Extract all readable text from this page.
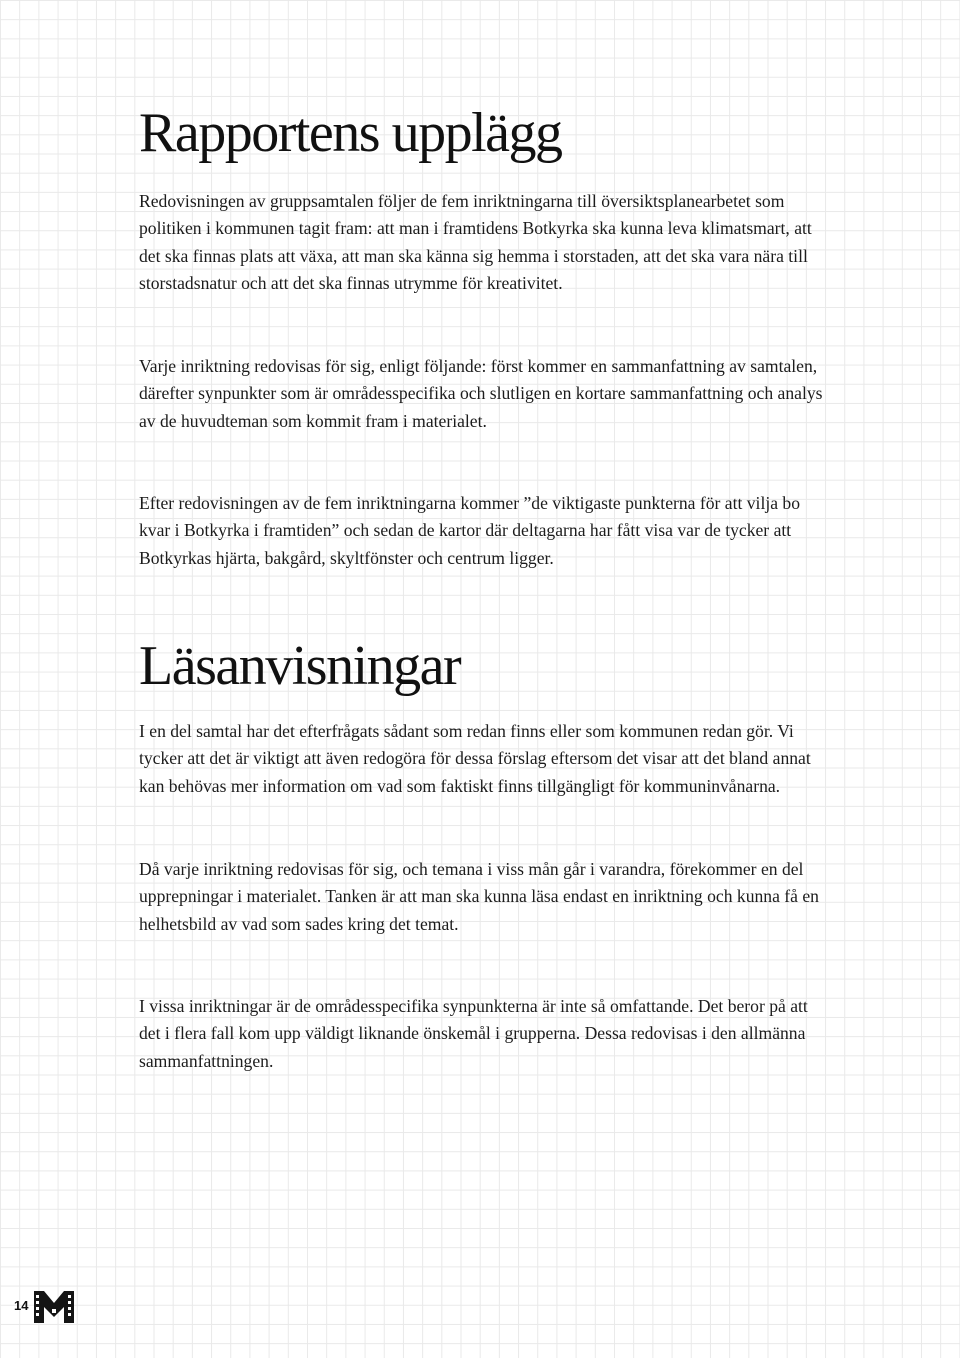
Rapportens upplägg

Redovisningen av gruppsamtalen följer de fem inriktningarna till översiktsplanearbetet som politiken i kommunen tagit fram: att man i framtidens Botkyrka ska kunna leva klimatsmart, att det ska finnas plats att växa, att man ska känna sig hemma i storstaden, att det ska vara nära till storstadsnatur och att det ska finnas utrymme för kreativitet.

Varje inriktning redovisas för sig, enligt följande: först kommer en sammanfattning av samtalen, därefter synpunkter som är områdesspecifika och slutligen en kortare sammanfattning och analys av de huvudteman som kommit fram i materialet.

Efter redovisningen av de fem inriktningarna kommer ”de viktigaste punkterna för att vilja bo kvar i Botkyrka i framtiden” och sedan de kartor där deltagarna har fått visa var de tycker att Botkyrkas hjärta, bakgård, skyltfönster och centrum ligger.

Läsanvisningar

I en del samtal har det efterfrågats sådant som redan finns eller som kommunen redan gör. Vi tycker att det är viktigt att även redogöra för dessa förslag eftersom det visar att det bland annat kan behövas mer information om vad som faktiskt finns tillgängligt för kommuninvånarna.

Då varje inriktning redovisas för sig, och temana i viss mån går i varandra, förekommer en del upprepningar i materialet. Tanken är att man ska kunna läsa endast en inriktning och kunna få en helhetsbild av vad som sades kring det temat.

I vissa inriktningar är de områdesspecifika synpunkterna är inte så omfattande. Det beror på att det i flera fall kom upp väldigt liknande önskemål i grupperna. Dessa redovisas i den allmänna sammanfattningen.

14
